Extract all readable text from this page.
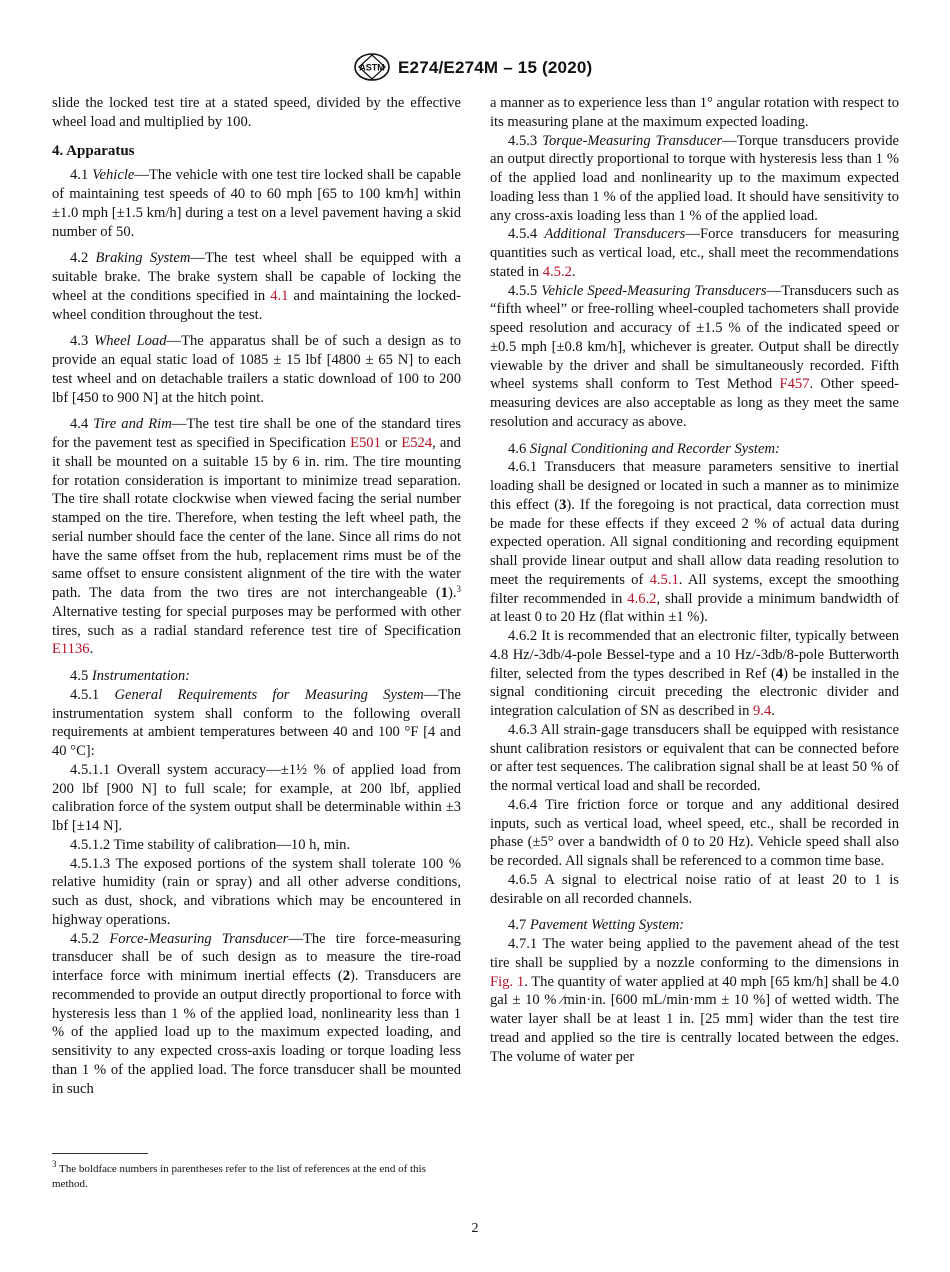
ASTM E274/E274M – 15 (2020)

slide the locked test tire at a stated speed, divided by the effective wheel load and multiplied by 100.

4. Apparatus

4.1 Vehicle—The vehicle with one test tire locked shall be capable of maintaining test speeds of 40 to 60 mph [65 to 100 km⁄h] within ±1.0 mph [±1.5 km/h] during a test on a level pavement having a skid number of 50.

4.2 Braking System—The test wheel shall be equipped with a suitable brake. The brake system shall be capable of locking the wheel at the conditions specified in 4.1 and maintaining the locked-wheel condition throughout the test.

4.3 Wheel Load—The apparatus shall be of such a design as to provide an equal static load of 1085 ± 15 lbf [4800 ± 65 N] to each test wheel and on detachable trailers a static download of 100 to 200 lbf [450 to 900 N] at the hitch point.

4.4 Tire and Rim—The test tire shall be one of the standard tires for the pavement test as specified in Specification E501 or E524, and it shall be mounted on a suitable 15 by 6 in. rim. The tire mounting for rotation consideration is important to minimize tread separation. The tire shall rotate clockwise when viewed facing the serial number stamped on the tire. Therefore, when testing the left wheel path, the serial number should face the center of the lane. Since all rims do not have the same offset from the hub, replacement rims must be of the same offset to ensure consistent alignment of the tire with the water path. The data from the two tires are not interchangeable (1).$^3$ Alternative testing for special purposes may be performed with other tires, such as a radial standard reference test tire of Specification E1136.

4.5 Instrumentation:

4.5.1 General Requirements for Measuring System—The instrumentation system shall conform to the following overall requirements at ambient temperatures between 40 and 100 °F [4 and 40 °C]:

4.5.1.1 Overall system accuracy—±1½ % of applied load from 200 lbf [900 N] to full scale; for example, at 200 lbf, applied calibration force of the system output shall be determinable within ±3 lbf [±14 N].

4.5.1.2 Time stability of calibration—10 h, min.

4.5.1.3 The exposed portions of the system shall tolerate 100 % relative humidity (rain or spray) and all other adverse conditions, such as dust, shock, and vibrations which may be encountered in highway operations.

4.5.2 Force-Measuring Transducer—The tire force-measuring transducer shall be of such design as to measure the tire-road interface force with minimum inertial effects (2). Transducers are recommended to provide an output directly proportional to force with hysteresis less than 1 % of the applied load, nonlinearity less than 1 % of the applied load up to the maximum expected loading, and sensitivity to any expected cross-axis loading or torque loading less than 1 % of the applied load. The force transducer shall be mounted in such

a manner as to experience less than 1° angular rotation with respect to its measuring plane at the maximum expected loading.

4.5.3 Torque-Measuring Transducer—Torque transducers provide an output directly proportional to torque with hysteresis less than 1 % of the applied load and nonlinearity up to the maximum expected loading less than 1 % of the applied load. It should have sensitivity to any cross-axis loading less than 1 % of the applied load.

4.5.4 Additional Transducers—Force transducers for measuring quantities such as vertical load, etc., shall meet the recommendations stated in 4.5.2.

4.5.5 Vehicle Speed-Measuring Transducers—Transducers such as “fifth wheel” or free-rolling wheel-coupled tachometers shall provide speed resolution and accuracy of ±1.5 % of the indicated speed or ±0.5 mph [±0.8 km/h], whichever is greater. Output shall be directly viewable by the driver and shall be simultaneously recorded. Fifth wheel systems shall conform to Test Method F457. Other speed-measuring devices are also acceptable as long as they meet the same resolution and accuracy as above.

4.6 Signal Conditioning and Recorder System:

4.6.1 Transducers that measure parameters sensitive to inertial loading shall be designed or located in such a manner as to minimize this effect (3). If the foregoing is not practical, data correction must be made for these effects if they exceed 2 % of actual data during expected operation. All signal conditioning and recording equipment shall provide linear output and shall allow data reading resolution to meet the requirements of 4.5.1. All systems, except the smoothing filter recommended in 4.6.2, shall provide a minimum bandwidth of at least 0 to 20 Hz (flat within ±1 %).

4.6.2 It is recommended that an electronic filter, typically between 4.8 Hz/-3db/4-pole Bessel-type and a 10 Hz/-3db/8-pole Butterworth filter, selected from the types described in Ref (4) be installed in the signal conditioning circuit preceding the electronic divider and integration calculation of SN as described in 9.4.

4.6.3 All strain-gage transducers shall be equipped with resistance shunt calibration resistors or equivalent that can be connected before or after test sequences. The calibration signal shall be at least 50 % of the normal vertical load and shall be recorded.

4.6.4 Tire friction force or torque and any additional desired inputs, such as vertical load, wheel speed, etc., shall be recorded in phase (±5° over a bandwidth of 0 to 20 Hz). Vehicle speed shall also be recorded. All signals shall be referenced to a common time base.

4.6.5 A signal to electrical noise ratio of at least 20 to 1 is desirable on all recorded channels.

4.7 Pavement Wetting System:

4.7.1 The water being applied to the pavement ahead of the test tire shall be supplied by a nozzle conforming to the dimensions in Fig. 1. The quantity of water applied at 40 mph [65 km/h] shall be 4.0 gal ± 10 % ⁄min·in. [600 mL/min·mm ± 10 %] of wetted width. The water layer shall be at least 1 in. [25 mm] wider than the test tire tread and applied so the tire is centrally located between the edges. The volume of water per

$^3$ The boldface numbers in parentheses refer to the list of references at the end of this method.

2
